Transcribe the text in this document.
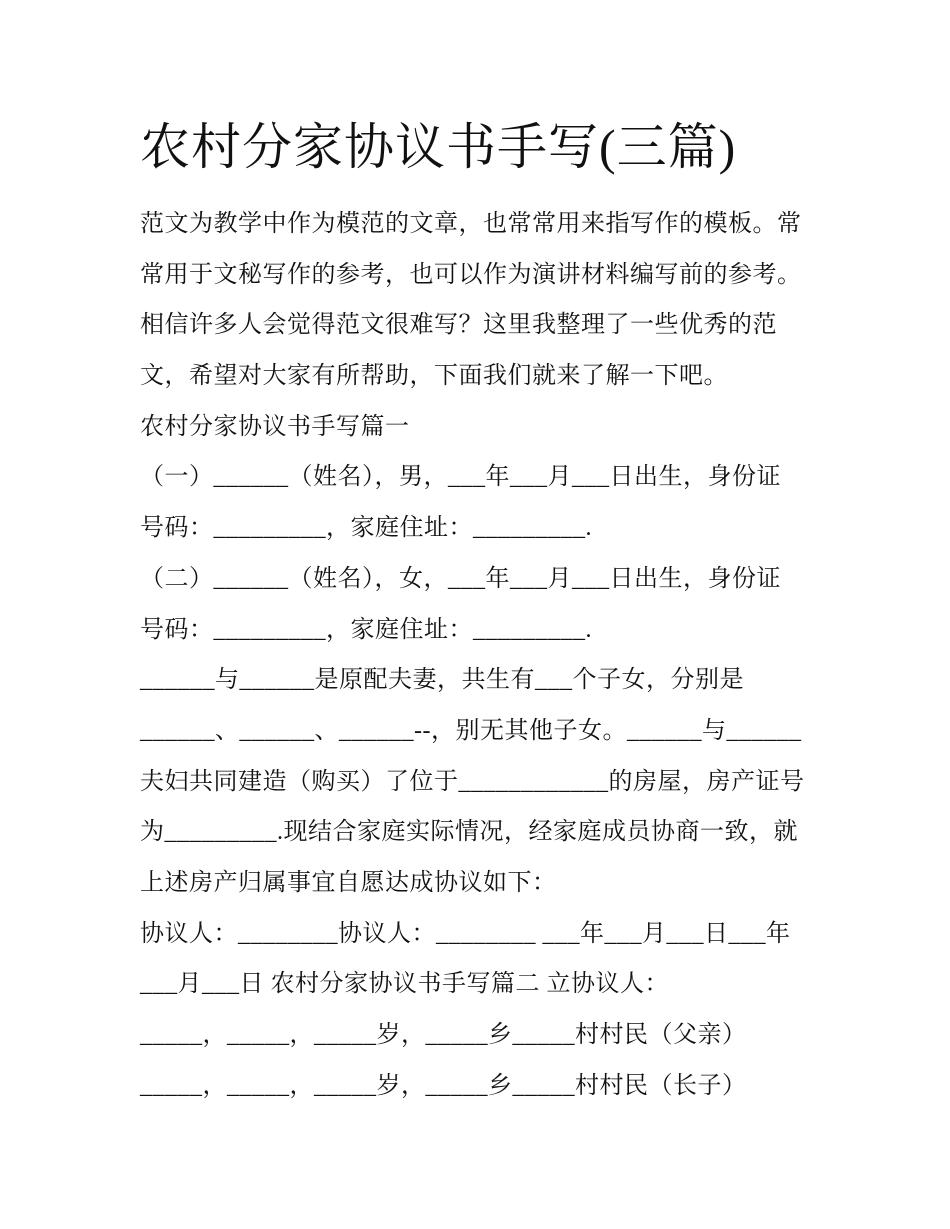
农村分家协议书手写(三篇)
范文为教学中作为模范的文章，也常常用来指写作的模板。常
常用于文秘写作的参考，也可以作为演讲材料编写前的参考。
相信许多人会觉得范文很难写？这里我整理了一些优秀的范
文，希望对大家有所帮助，下面我们就来了解一下吧。
农村分家协议书手写篇一
（一）______（姓名），男，___年___月___日出生，身份证
号码：_________，家庭住址：_________.
（二）______（姓名），女，___年___月___日出生，身份证
号码：_________，家庭住址：_________.
______与______是原配夫妻，共生有___个子女，分别是
______、______、______--，别无其他子女。______与______
夫妇共同建造（购买）了位于____________的房屋，房产证号
为_________.现结合家庭实际情况，经家庭成员协商一致，就
上述房产归属事宜自愿达成协议如下：
协议人：________协议人：________ ___年___月___日___年
___月___日 农村分家协议书手写篇二 立协议人：
_____，_____，_____岁，_____乡_____村村民（父亲）
_____，_____，_____岁，_____乡_____村村民（长子）
